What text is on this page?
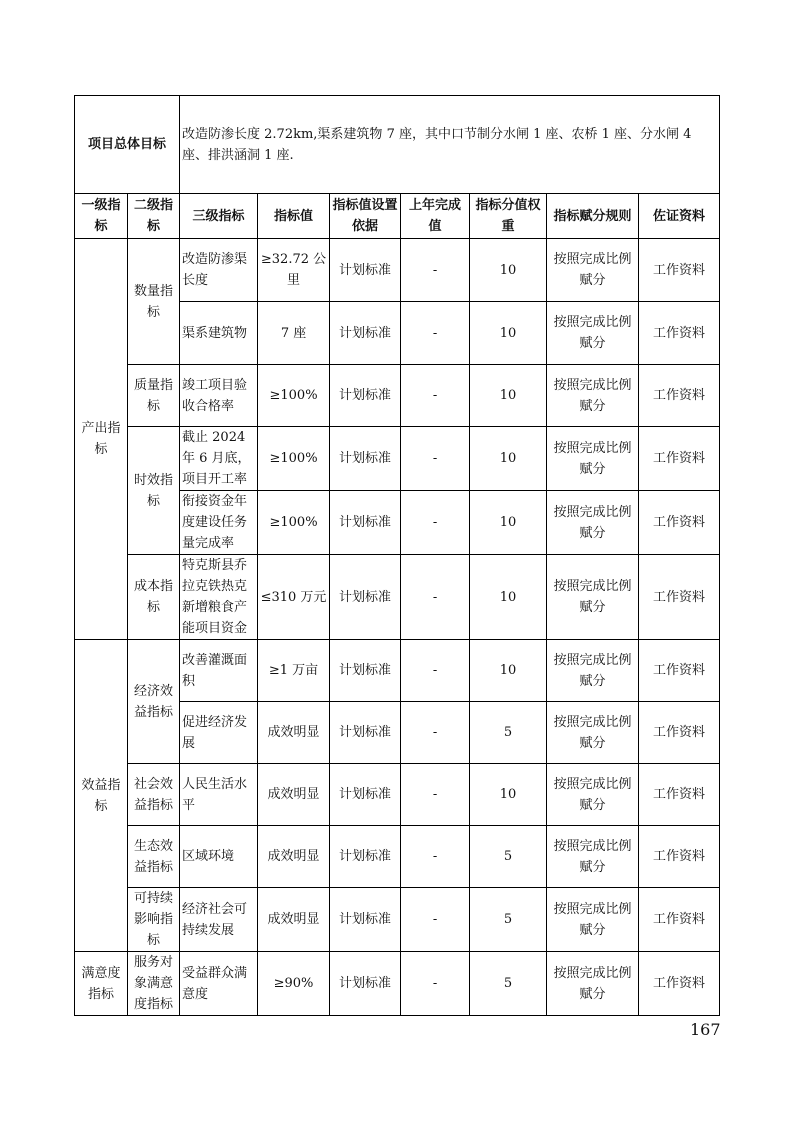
项目总体目标		改造防渗长度 2.72km,渠系建筑物 7 座，其中口节制分水闸 1 座、农桥 1 座、分水闸 4 座、排洪涵洞 1 座.						
一级指标	二级指标	三级指标	指标值	指标值设置依据	上年完成值	指标分值权重	指标赋分规则	佐证资料
产出指标	数量指标	改造防渗渠长度	≥32.72 公里	计划标准	-	10	按照完成比例赋分	工作资料
		渠系建筑物	7 座	计划标准	-	10	按照完成比例赋分	工作资料
	质量指标	竣工项目验收合格率	≥100%	计划标准	-	10	按照完成比例赋分	工作资料
	时效指标	截止 2024 年 6 月底，项目开工率	≥100%	计划标准	-	10	按照完成比例赋分	工作资料
		衔接资金年度建设任务量完成率	≥100%	计划标准	-	10	按照完成比例赋分	工作资料
	成本指标	特克斯县乔拉克铁热克新增粮食产能项目资金	≤310 万元	计划标准	-	10	按照完成比例赋分	工作资料
效益指标	经济效益指标	改善灌溉面积	≥1 万亩	计划标准	-	10	按照完成比例赋分	工作资料
		促进经济发展	成效明显	计划标准	-	5	按照完成比例赋分	工作资料
	社会效益指标	人民生活水平	成效明显	计划标准	-	10	按照完成比例赋分	工作资料
	生态效益指标	区域环境	成效明显	计划标准	-	5	按照完成比例赋分	工作资料
	可持续影响指标	经济社会可持续发展	成效明显	计划标准	-	5	按照完成比例赋分	工作资料
满意度指标	服务对象满意度指标	受益群众满意度	≥90%	计划标准	-	5	按照完成比例赋分	工作资料
167
